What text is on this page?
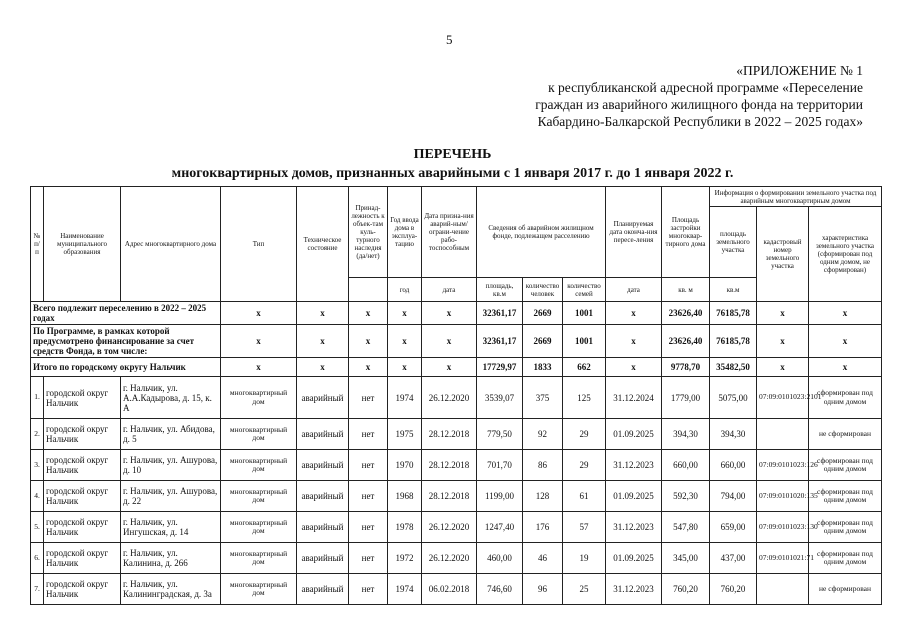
5
«ПРИЛОЖЕНИЕ № 1
к республиканской адресной программе «Переселение
граждан из аварийного жилищного фонда на территории
Кабардино-Балкарской Республики в 2022 – 2025 годах»
ПЕРЕЧЕНЬ
многоквартирных домов, признанных аварийными с 1 января 2017 г. до 1 января 2022 г.
№ п/п	Наименование муниципального образования	Адрес многоквартирного дома	Тип	Техническое состояние	Принад-лежность к объек-там куль-турного наследия (да/нет)	Год ввода дома в эксплуа-тацию	Дата призна-ния аварий-ным/ограни-чение рабо-тоспособным	Сведения об аварийном жилищном фонде, подлежащем расселению			Планируемая дата оконча-ния пересе-ления	Площадь застройки многоквар-тирного дома	Информация о формировании земельного участка под аварийным многоквартирным домом		
													площадь земельного участка	кадастровый номер земельного участка	характеристика земельного участка (сформирован под одним домом, не сформирован)
						год	дата	площадь, кв.м	количество человек	количество семей	дата	кв. м	кв.м		
Всего подлежит переселению в 2022 – 2025 годах			х	х	х	х	х	32361,17	2669	1001	х	23626,40	76185,78	х	х
По Программе, в рамках которой предусмотрено финансирование за счет средств Фонда, в том числе:			х	х	х	х	х	32361,17	2669	1001	х	23626,40	76185,78	х	х
Итого по городскому округу Нальчик			х	х	х	х	х	17729,97	1833	662	х	9778,70	35482,50	х	х
1.	городской округ Нальчик	г. Нальчик, ул. А.А.Кадырова, д. 15, к. А	многоквартирный дом	аварийный	нет	1974	26.12.2020	3539,07	375	125	31.12.2024	1779,00	5075,00	07:09:0101023:2101	сформирован под одним домом
2.	городской округ Нальчик	г. Нальчик, ул. Абидова, д. 5	многоквартирный дом	аварийный	нет	1975	28.12.2018	779,50	92	29	01.09.2025	394,30	394,30		не сформирован
3.	городской округ Нальчик	г. Нальчик, ул. Ашурова, д. 10	многоквартирный дом	аварийный	нет	1970	28.12.2018	701,70	86	29	31.12.2023	660,00	660,00	07:09:0101023:126	сформирован под одним домом
4.	городской округ Нальчик	г. Нальчик, ул. Ашурова, д. 22	многоквартирный дом	аварийный	нет	1968	28.12.2018	1199,00	128	61	01.09.2025	592,30	794,00	07:09:0101020:135	сформирован под одним домом
5.	городской округ Нальчик	г. Нальчик, ул. Ингушская, д. 14	многоквартирный дом	аварийный	нет	1978	26.12.2020	1247,40	176	57	31.12.2023	547,80	659,00	07:09:0101023:130	сформирован под одним домом
6.	городской округ Нальчик	г. Нальчик, ул. Калинина, д. 266	многоквартирный дом	аварийный	нет	1972	26.12.2020	460,00	46	19	01.09.2025	345,00	437,00	07:09:0101021:71	сформирован под одним домом
7.	городской округ Нальчик	г. Нальчик, ул. Калининградская, д. 3а	многоквартирный дом	аварийный	нет	1974	06.02.2018	746,60	96	25	31.12.2023	760,20	760,20		не сформирован
